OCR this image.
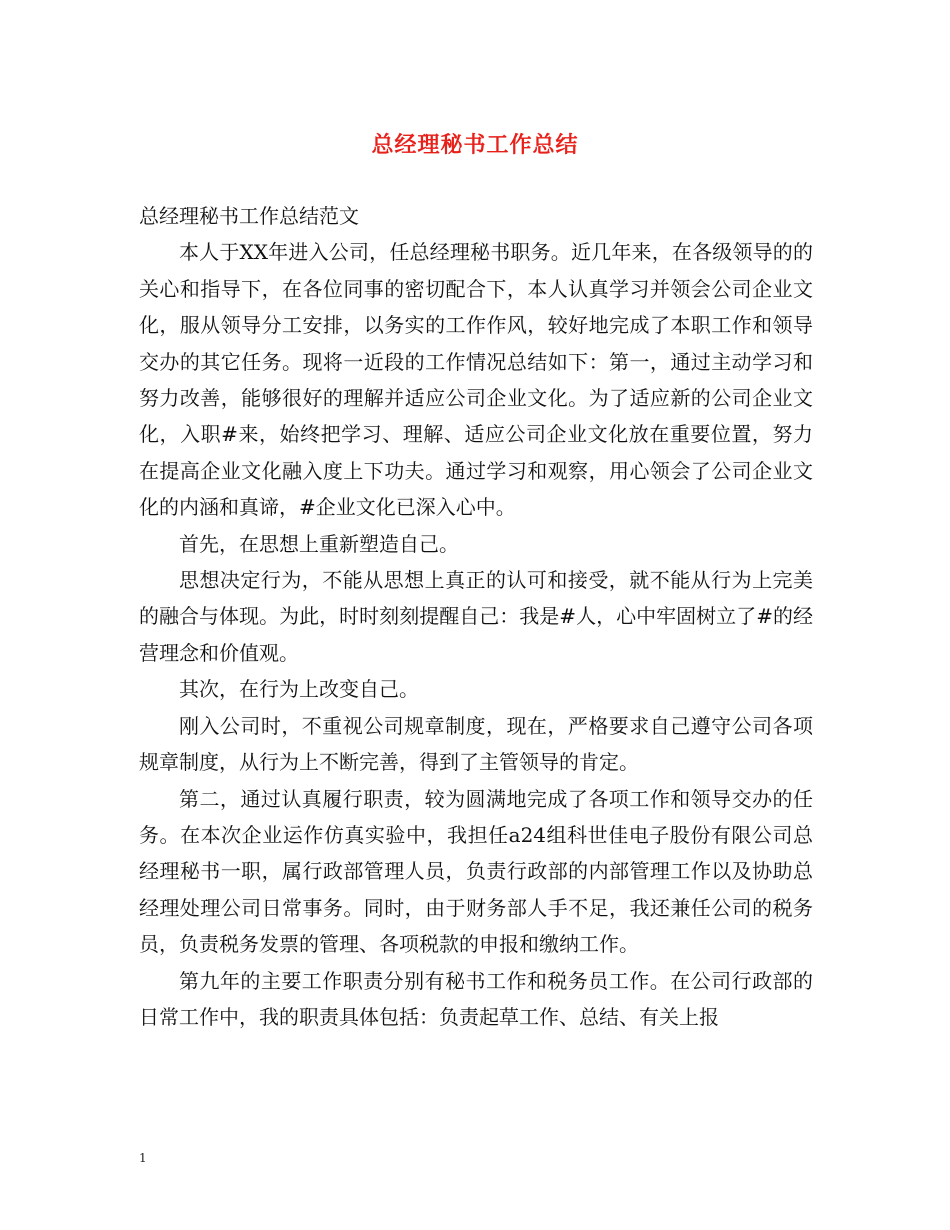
总经理秘书工作总结

总经理秘书工作总结范文

本人于XX年进入公司，任总经理秘书职务。近几年来，在各级领导的的关心和指导下，在各位同事的密切配合下，本人认真学习并领会公司企业文化，服从领导分工安排，以务实的工作作风，较好地完成了本职工作和领导交办的其它任务。现将一近段的工作情况总结如下：第一，通过主动学习和努力改善，能够很好的理解并适应公司企业文化。为了适应新的公司企业文化，入职#来，始终把学习、理解、适应公司企业文化放在重要位置，努力在提高企业文化融入度上下功夫。通过学习和观察，用心领会了公司企业文化的内涵和真谛，#企业文化已深入心中。

首先，在思想上重新塑造自己。

思想决定行为，不能从思想上真正的认可和接受，就不能从行为上完美的融合与体现。为此，时时刻刻提醒自己：我是#人，心中牢固树立了#的经营理念和价值观。

其次，在行为上改变自己。

刚入公司时，不重视公司规章制度，现在，严格要求自己遵守公司各项规章制度，从行为上不断完善，得到了主管领导的肯定。

第二，通过认真履行职责，较为圆满地完成了各项工作和领导交办的任务。在本次企业运作仿真实验中，我担任a24组科世佳电子股份有限公司总经理秘书一职，属行政部管理人员，负责行政部的内部管理工作以及协助总经理处理公司日常事务。同时，由于财务部人手不足，我还兼任公司的税务员，负责税务发票的管理、各项税款的申报和缴纳工作。

第九年的主要工作职责分别有秘书工作和税务员工作。在公司行政部的日常工作中，我的职责具体包括：负责起草工作、总结、有关上报

1
